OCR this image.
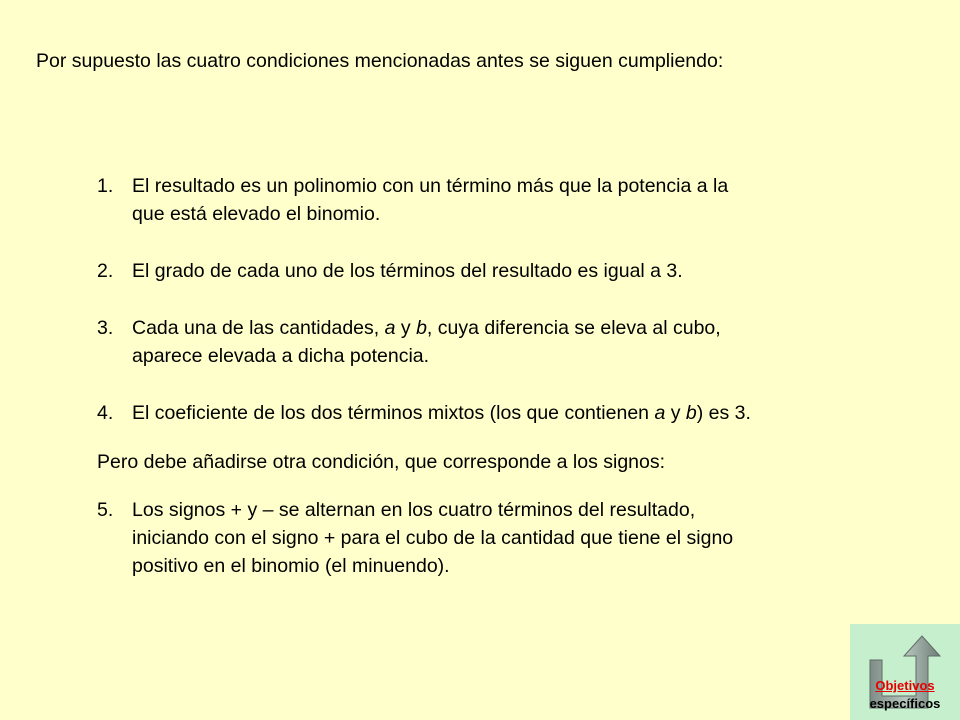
Por supuesto las cuatro condiciones mencionadas antes se siguen cumpliendo:

1. El resultado es un polinomio con un término más que la potencia a la
que está elevado el binomio.
2. El grado de cada uno de los términos del resultado es igual a 3.
3. Cada una de las cantidades, a y b, cuya diferencia se eleva al cubo,
aparece elevada a dicha potencia.
4. El coeficiente de los dos términos mixtos (los que contienen a y b) es 3.
Pero debe añadirse otra condición, que corresponde a los signos:
5. Los signos + y – se alternan en los cuatro términos del resultado,
iniciando con el signo + para el cubo de la cantidad que tiene el signo
positivo en el binomio (el minuendo).
Objetivos
específicos
